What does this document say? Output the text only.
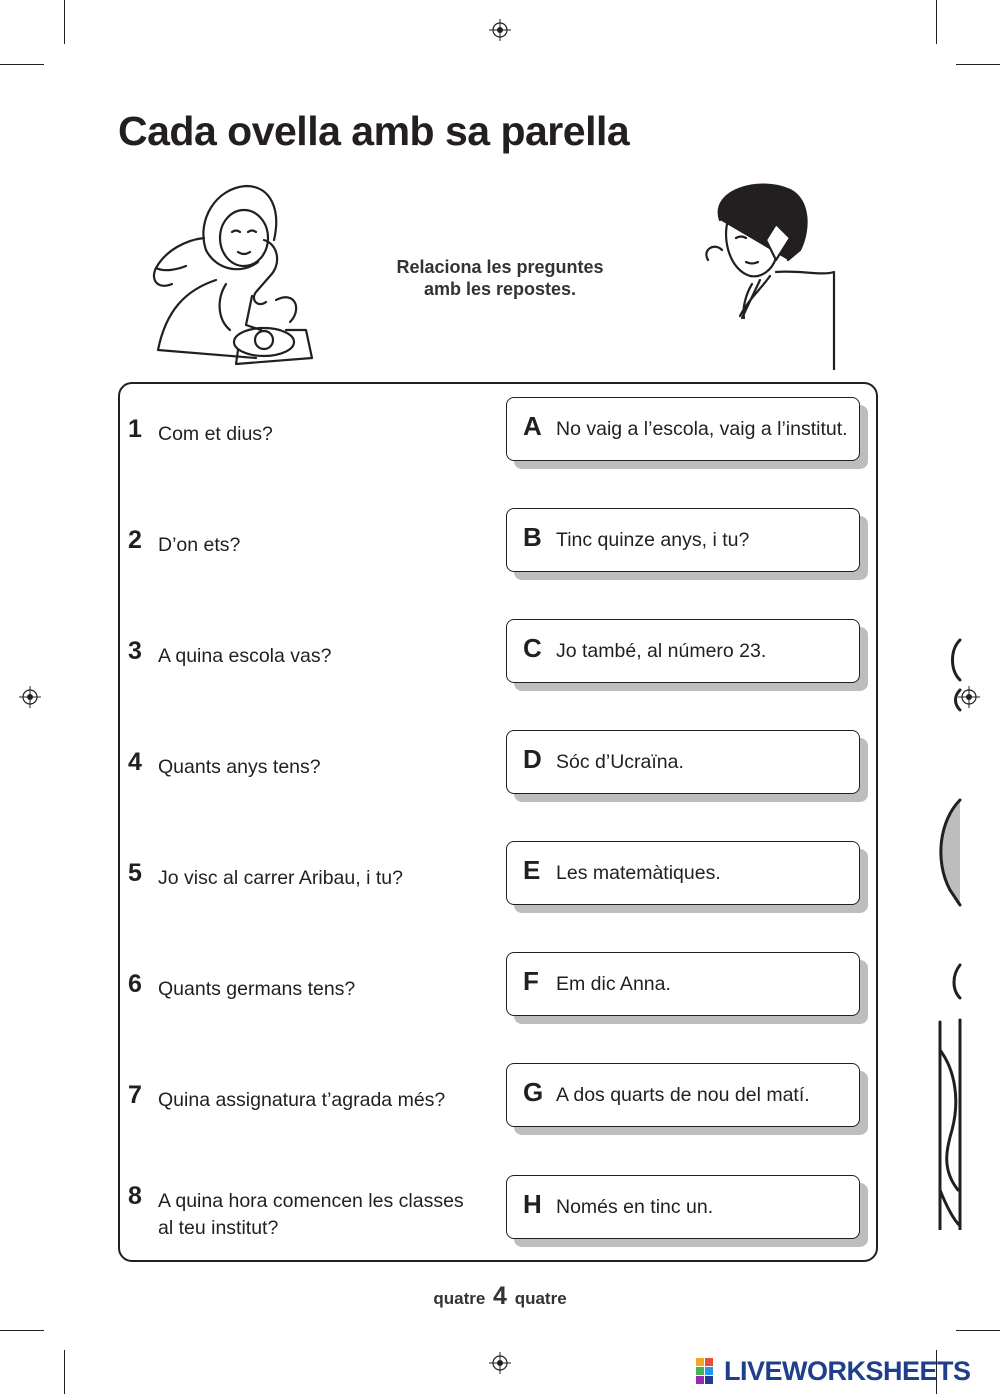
Cada ovella amb sa parella
Relaciona les preguntes
amb les repostes.
1 Com et dius?
2 D’on ets?
3 A quina escola vas?
4 Quants anys tens?
5 Jo visc al carrer Aribau, i tu?
6 Quants germans tens?
7 Quina assignatura t’agrada més?
8 A quina hora comencen les classes
al teu institut?
A No vaig a l’escola, vaig a l’institut.
B Tinc quinze anys, i tu?
C Jo també, al número 23.
D Sóc d’Ucraïna.
E Les matemàtiques.
F Em dic Anna.
G A dos quarts de nou del matí.
H Només en tinc un.
quatre 4 quatre
LIVEWORKSHEETS
